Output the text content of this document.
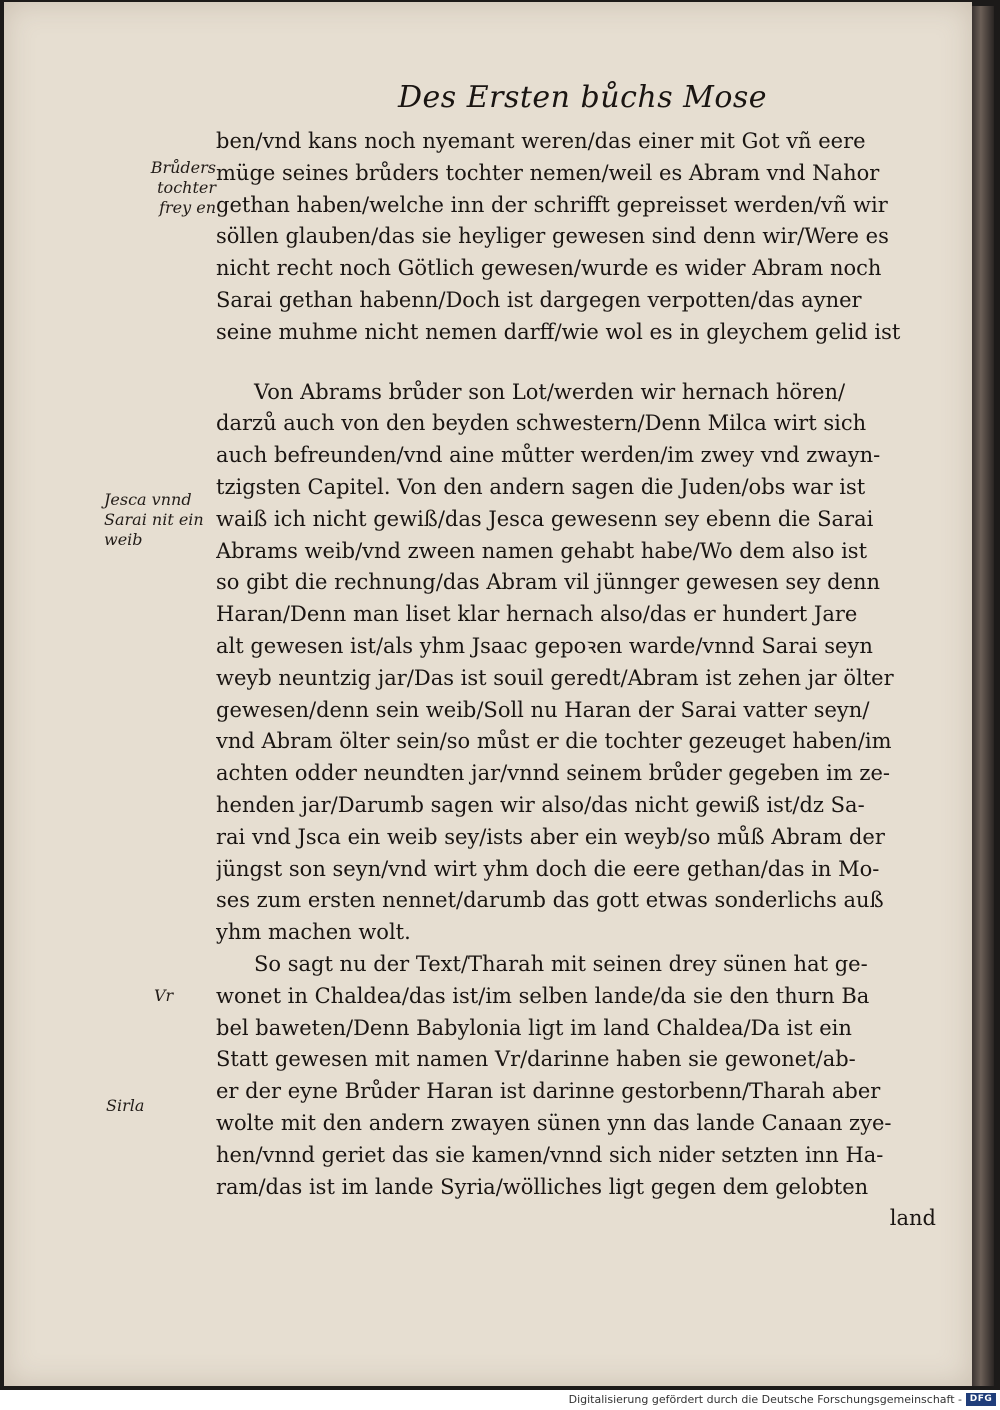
Des Ersten bůchs Mose
Brůders tochter frey en
Jesca vnnd Sarai nit ein weib
Vr
Sirla
ben/vnd kans noch nyemant weren/das einer mit Got vñ eere
müge seines brůders tochter nemen/weil es Abram vnd Nahor
gethan haben/welche inn der schrifft gepreisset werden/vñ wir
söllen glauben/das sie heyliger gewesen sind denn wir/Were es
nicht recht noch Götlich gewesen/wurde es wider Abram noch
Sarai gethan habenn/Doch ist dargegen verpotten/das ayner
seine muhme nicht nemen darff/wie wol es in gleychem gelid ist
Von Abrams brůder son Lot/werden wir hernach hören/
darzů auch von den beyden schwestern/Denn Milca wirt sich
auch befreunden/vnd aine můtter werden/im zwey vnd zwayn-
tzigsten Capitel. Von den andern sagen die Juden/obs war ist
waiß ich nicht gewiß/das Jesca gewesenn sey ebenn die Sarai
Abrams weib/vnd zween namen gehabt habe/Wo dem also ist
so gibt die rechnung/das Abram vil jünnger gewesen sey denn
Haran/Denn man liset klar hernach also/das er hundert Jare
alt gewesen ist/als yhm Jsaac gepoꝛen warde/vnnd Sarai seyn
weyb neuntzig jar/Das ist souil geredt/Abram ist zehen jar ölter
gewesen/denn sein weib/Soll nu Haran der Sarai vatter seyn/
vnd Abram ölter sein/so můst er die tochter gezeuget haben/im
achten odder neundten jar/vnnd seinem brůder gegeben im ze-
henden jar/Darumb sagen wir also/das nicht gewiß ist/dz Sa-
rai vnd Jsca ein weib sey/ists aber ein weyb/so můß Abram der
jüngst son seyn/vnd wirt yhm doch die eere gethan/das in Mo-
ses zum ersten nennet/darumb das gott etwas sonderlichs auß
yhm machen wolt.
So sagt nu der Text/Tharah mit seinen drey sünen hat ge-
wonet in Chaldea/das ist/im selben lande/da sie den thurn Ba
bel baweten/Denn Babylonia ligt im land Chaldea/Da ist ein
Statt gewesen mit namen Vr/darinne haben sie gewonet/ab-
er der eyne Brůder Haran ist darinne gestorbenn/Tharah aber
wolte mit den andern zwayen sünen ynn das lande Canaan zye-
hen/vnnd geriet das sie kamen/vnnd sich nider setzten inn Ha-
ram/das ist im lande Syria/wölliches ligt gegen dem gelobten
land
Digitalisierung gefördert durch die Deutsche Forschungsgemeinschaft - DFG
